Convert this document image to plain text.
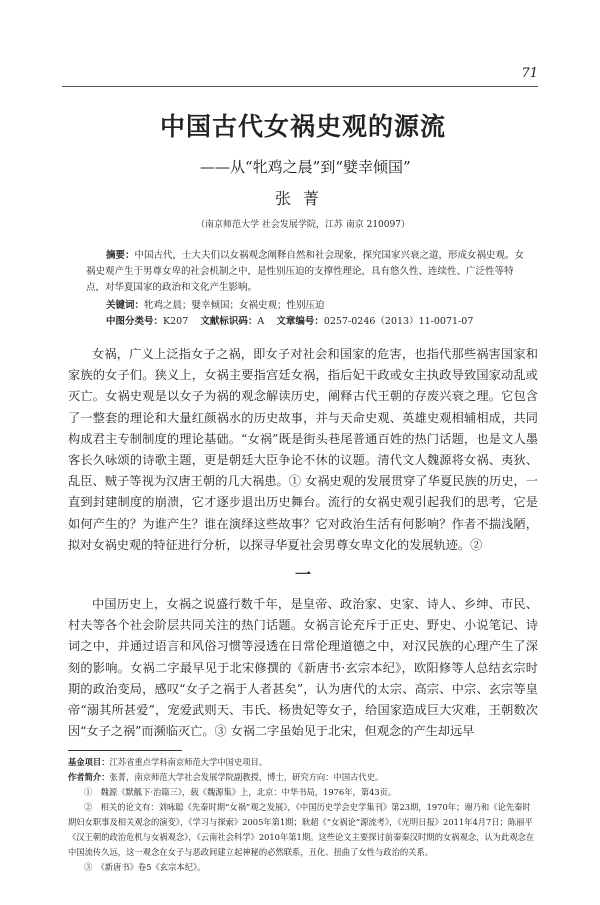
71
中国古代女祸史观的源流
——从“牝鸡之晨”到“嬖幸倾国”
张菁
（南京师范大学 社会发展学院，江苏 南京 210097）

摘要：中国古代，士大夫们以女祸观念阐释自然和社会现象，探究国家兴衰之道，形成女祸史观。女祸史观产生于男尊女卑的社会机制之中，是性别压迫的支撑性理论，具有悠久性、连续性、广泛性等特点，对华夏国家的政治和文化产生影响。

关键词：牝鸡之晨；嬖幸倾国；女祸史观；性别压迫

中图分类号：K207 文献标识码：A 文章编号：0257-0246（2013）11-0071-07

女祸，广义上泛指女子之祸，即女子对社会和国家的危害，也指代那些祸害国家和家族的女子们。狭义上，女祸主要指宫廷女祸，指后妃干政或女主执政导致国家动乱或灭亡。女祸史观是以女子为祸的观念解读历史，阐释古代王朝的存废兴衰之理。它包含了一整套的理论和大量红颜祸水的历史故事，并与天命史观、英雄史观相辅相成，共同构成君主专制制度的理论基础。“女祸”既是街头巷尾普通百姓的热门话题，也是文人墨客长久咏颂的诗歌主题，更是朝廷大臣争论不休的议题。清代文人魏源将女祸、夷狄、乱臣、贼子等视为汉唐王朝的几大祸患。① 女祸史观的发展贯穿了华夏民族的历史，一直到封建制度的崩溃，它才逐步退出历史舞台。流行的女祸史观引起我们的思考，它是如何产生的？为谁产生？谁在演绎这些故事？它对政治生活有何影响？作者不揣浅陋，拟对女祸史观的特征进行分析，以探寻华夏社会男尊女卑文化的发展轨迹。②

一

中国历史上，女祸之说盛行数千年，是皇帝、政治家、史家、诗人、乡绅、市民、村夫等各个社会阶层共同关注的热门话题。女祸言论充斥于正史、野史、小说笔记、诗词之中，并通过语言和风俗习惯等浸透在日常伦理道德之中，对汉民族的心理产生了深刻的影响。女祸二字最早见于北宋修撰的《新唐书·玄宗本纪》，欧阳修等人总结玄宗时期的政治变局，感叹“女子之祸于人者甚矣”，认为唐代的太宗、高宗、中宗、玄宗等皇帝“溺其所甚爱”，宠爱武则天、韦氏、杨贵妃等女子，给国家造成巨大灾难，王朝数次因“女子之祸”而濒临灭亡。③ 女祸二字虽始见于北宋，但观念的产生却远早

基金项目：江苏省重点学科南京师范大学中国史项目。

作者简介：张菁，南京师范大学社会发展学院副教授，博士，研究方向：中国古代史。

①　魏源《默觚下·治篇三》，载《魏源集》上，北京：中华书局，1976年，第43页。

②　相关的论文有：刘咏聪《先秦时期“女祸”观之发展》，《中国历史学会史学集刊》第23期，1970年；谢乃和《论先秦时期妇女职事及相关观念的演变》，《学习与探索》2005年第1期；耿超《“女祸论”源流考》，《光明日报》2011年4月7日；陈丽平《汉王朝的政治危机与女祸观念》，《云南社会科学》2010年第1期。这些论文主要探讨前秦秦汉时期的女祸观念，认为此观念在中国流传久远，这一观念在女子与恶政间建立起神秘的必然联系，丑化、扭曲了女性与政治的关系。

③　《新唐书》卷5《玄宗本纪》。
